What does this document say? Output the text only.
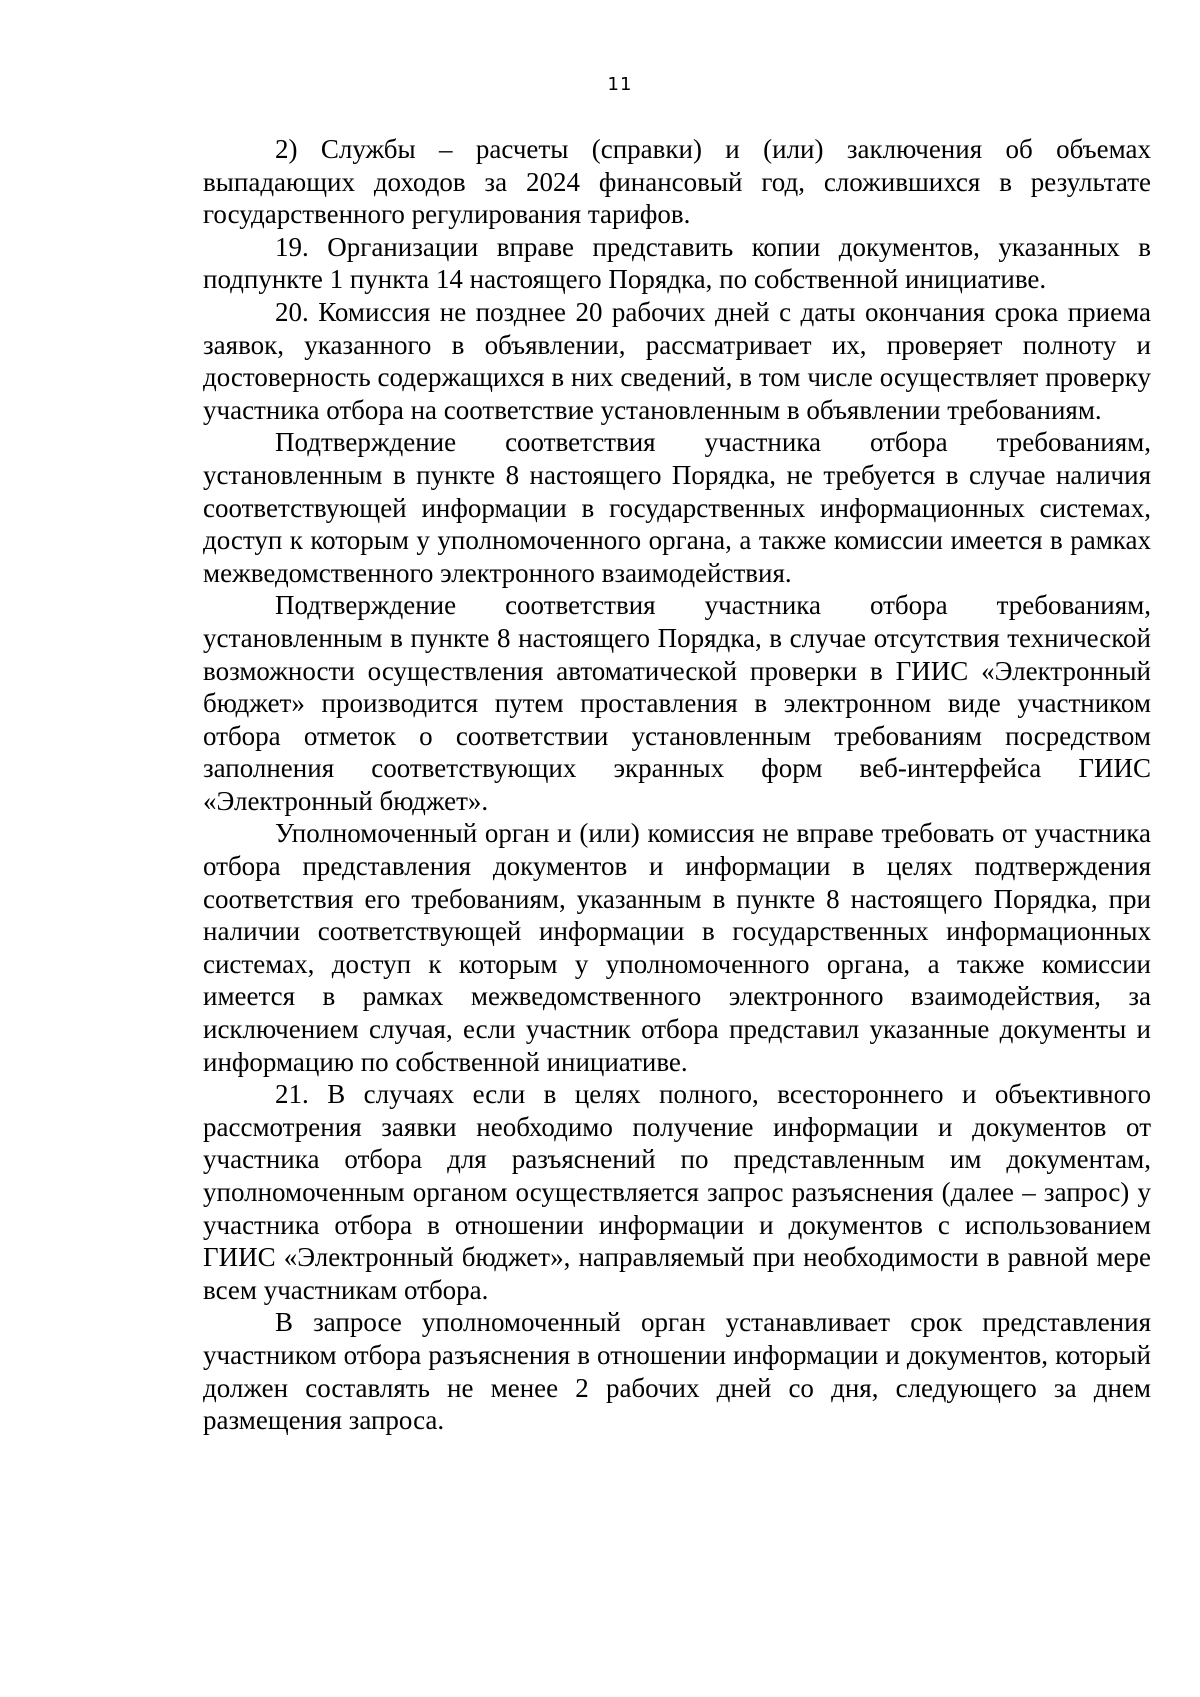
11

2) Службы – расчеты (справки) и (или) заключения об объемах выпадающих доходов за 2024 финансовый год, сложившихся в результате государственного регулирования тарифов.

19. Организации вправе представить копии документов, указанных в подпункте 1 пункта 14 настоящего Порядка, по собственной инициативе.

20. Комиссия не позднее 20 рабочих дней с даты окончания срока приема заявок, указанного в объявлении, рассматривает их, проверяет полноту и достоверность содержащихся в них сведений, в том числе осуществляет проверку участника отбора на соответствие установленным в объявлении требованиям.

Подтверждение соответствия участника отбора требованиям, установленным в пункте 8 настоящего Порядка, не требуется в случае наличия соответствующей информации в государственных информационных системах, доступ к которым у уполномоченного органа, а также комиссии имеется в рамках межведомственного электронного взаимодействия.

Подтверждение соответствия участника отбора требованиям, установленным в пункте 8 настоящего Порядка, в случае отсутствия технической возможности осуществления автоматической проверки в ГИИС «Электронный бюджет» производится путем проставления в электронном виде участником отбора отметок о соответствии установленным требованиям посредством заполнения соответствующих экранных форм веб-интерфейса ГИИС «Электронный бюджет».

Уполномоченный орган и (или) комиссия не вправе требовать от участника отбора представления документов и информации в целях подтверждения соответствия его требованиям, указанным в пункте 8 настоящего Порядка, при наличии соответствующей информации в государственных информационных системах, доступ к которым у уполномоченного органа, а также комиссии имеется в рамках межведомственного электронного взаимодействия, за исключением случая, если участник отбора представил указанные документы и информацию по собственной инициативе.

21. В случаях если в целях полного, всестороннего и объективного рассмотрения заявки необходимо получение информации и документов от участника отбора для разъяснений по представленным им документам, уполномоченным органом осуществляется запрос разъяснения (далее – запрос) у участника отбора в отношении информации и документов с использованием ГИИС «Электронный бюджет», направляемый при необходимости в равной мере всем участникам отбора.

В запросе уполномоченный орган устанавливает срок представления участником отбора разъяснения в отношении информации и документов, который должен составлять не менее 2 рабочих дней со дня, следующего за днем размещения запроса.
